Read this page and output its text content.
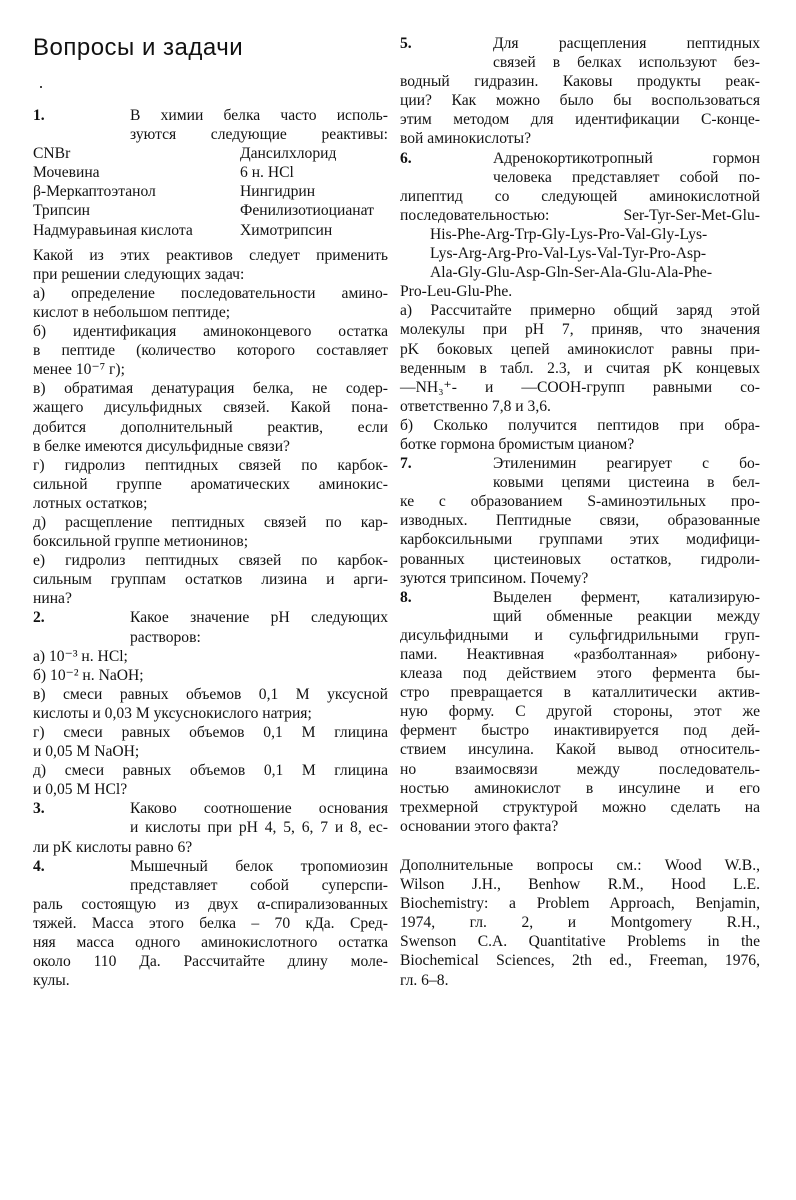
Вопросы и задачи
1.	В химии белка часто исполь-
зуются следующие реактивы:
CNBr	Дансилхлорид
Мочевина	6 н. HCl
β-Меркаптоэтанол	Нингидрин
Трипсин	Фенилизотиоцианат
Надмуравьиная кислота	Химотрипсин
Какой из этих реактивов следует применить
при решении следующих задач:
а) определение последовательности амино-
кислот в небольшом пептиде;
б) идентификация аминоконцевого остатка
в пептиде (количество которого составляет
менее 10⁻⁷ г);
в) обратимая денатурация белка, не содер-
жащего дисульфидных связей. Какой пона-
добится дополнительный реактив, если
в белке имеются дисульфидные связи?
г) гидролиз пептидных связей по карбок-
сильной группе ароматических аминокис-
лотных остатков;
д) расщепление пептидных связей по кар-
боксильной группе метионинов;
е) гидролиз пептидных связей по карбок-
сильным группам остатков лизина и арги-
нина?
2.	Какое значение pH следующих
растворов:
а) 10⁻³ н. HCl;
б) 10⁻² н. NaOH;
в) смеси равных объемов 0,1 М уксусной
кислоты и 0,03 М уксуснокислого натрия;
г) смеси равных объемов 0,1 М глицина
и 0,05 М NaOH;
д) смеси равных объемов 0,1 М глицина
и 0,05 М HCl?
3.	Каково соотношение основания
и кислоты при pH 4, 5, 6, 7 и 8, ес-
ли pK кислоты равно 6?
4.	Мышечный белок тропомиозин
представляет собой суперспи-
раль состоящую из двух α-спирализованных
тяжей. Масса этого белка – 70 кДа. Сред-
няя масса одного аминокислотного остатка
около 110 Да. Рассчитайте длину моле-
кулы.
5.	Для расщепления пептидных
связей в белках используют без-
водный гидразин. Каковы продукты реак-
ции? Как можно было бы воспользоваться
этим методом для идентификации С-конце-
вой аминокислоты?
6.	Адренокортикотропный гормон
человека представляет собой по-
липептид со следующей аминокислотной
последовательностью: Ser-Tyr-Ser-Met-Glu-
His-Phe-Arg-Trp-Gly-Lys-Pro-Val-Gly-Lys-
Lys-Arg-Arg-Pro-Val-Lys-Val-Tyr-Pro-Asp-
Ala-Gly-Glu-Asp-Gln-Ser-Ala-Glu-Ala-Phe-
Pro-Leu-Glu-Phe.
а) Рассчитайте примерно общий заряд этой
молекулы при pH 7, приняв, что значения
pK боковых цепей аминокислот равны при-
веденным в табл. 2.3, и считая pK концевых
—NH₃⁺- и —COOH-групп равными со-
ответственно 7,8 и 3,6.
б) Сколько получится пептидов при обра-
ботке гормона бромистым цианом?
7.	Этиленимин реагирует с бо-
ковыми цепями цистеина в бел-
ке с образованием S-аминоэтильных про-
изводных. Пептидные связи, образованные
карбоксильными группами этих модифици-
рованных цистеиновых остатков, гидроли-
зуются трипсином. Почему?
8.	Выделен фермент, катализирую-
щий обменные реакции между
дисульфидными и сульфгидрильными груп-
пами. Неактивная «разболтанная» рибону-
клеаза под действием этого фермента бы-
стро превращается в каталлитически актив-
ную форму. С другой стороны, этот же
фермент быстро инактивируется под дей-
ствием инсулина. Какой вывод относитель-
но взаимосвязи между последователь-
ностью аминокислот в инсулине и его
трехмерной структурой можно сделать на
основании этого факта?
Дополнительные вопросы см.: Wood W.B.,
Wilson J.H., Benhow R.M., Hood L.E.
Biochemistry: a Problem Approach, Benjamin,
1974, гл. 2, и Montgomery R.H.,
Swenson C.A. Quantitative Problems in the
Biochemical Sciences, 2th ed., Freeman, 1976,
гл. 6–8.
